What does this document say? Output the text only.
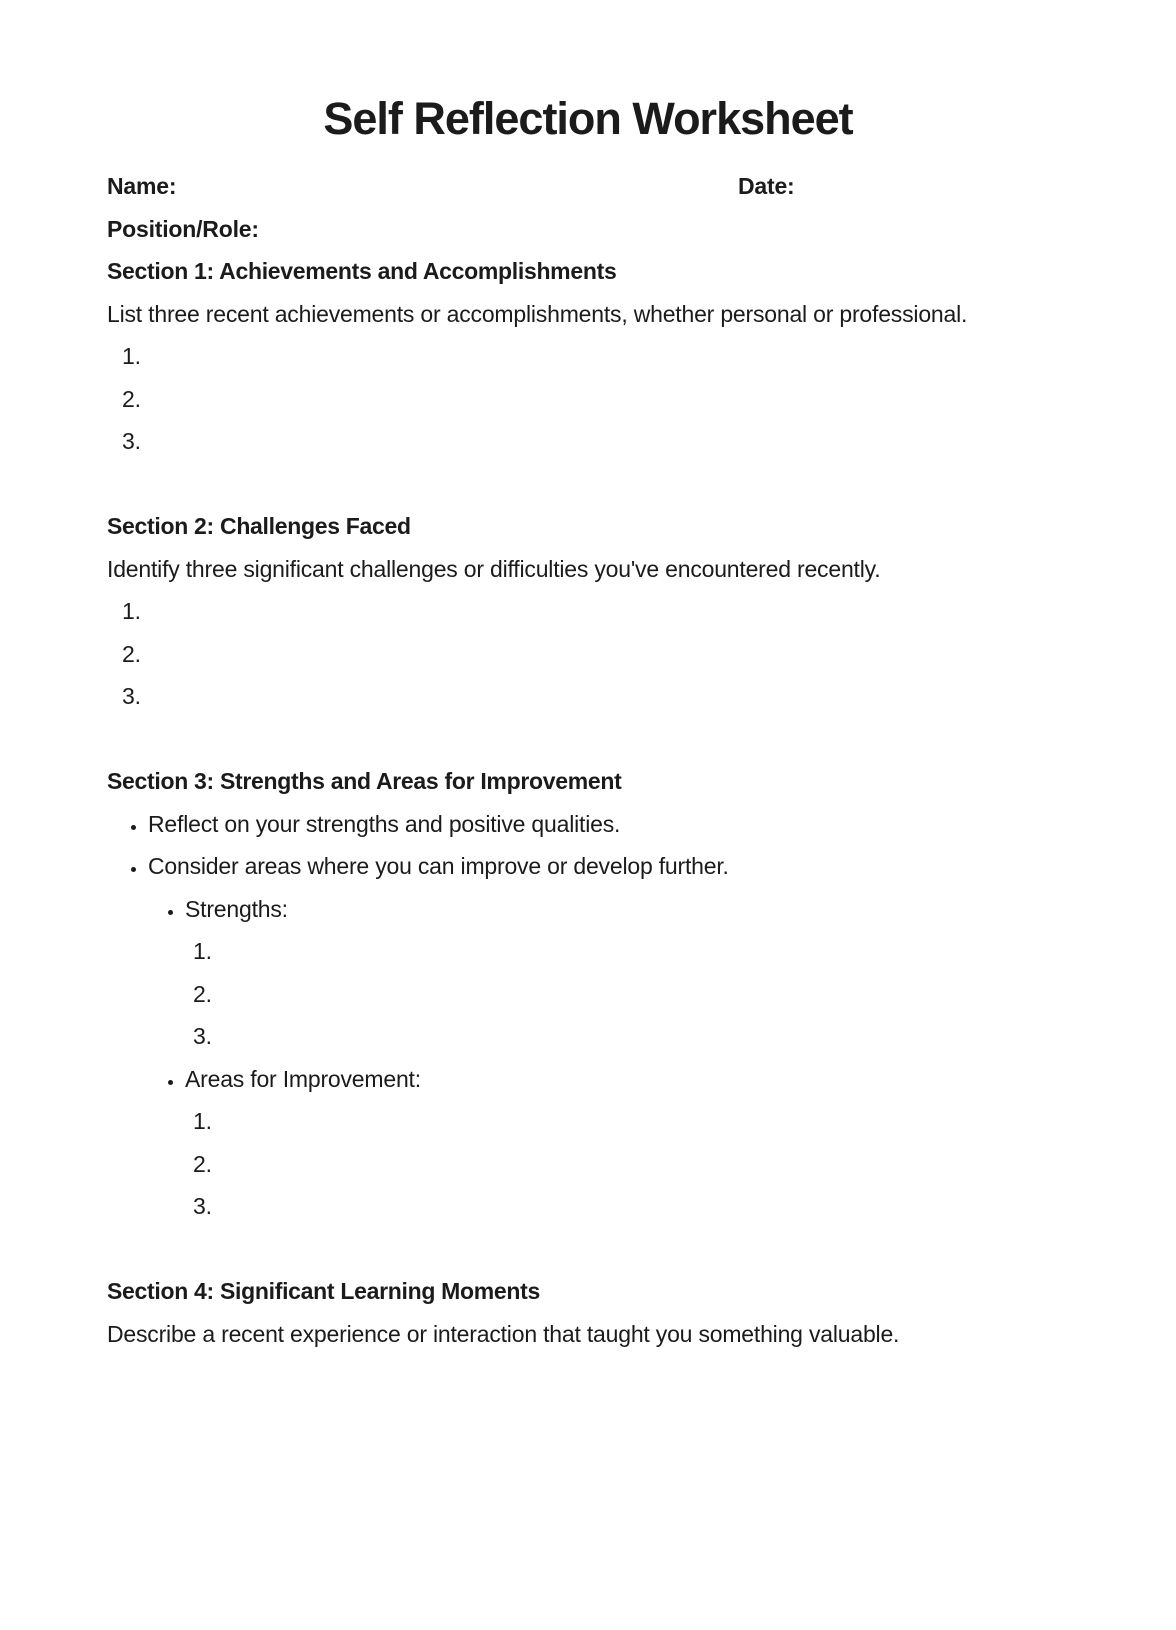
Self Reflection Worksheet

Name:	Date:

Position/Role:

Section 1: Achievements and Accomplishments

List three recent achievements or accomplishments, whether personal or professional.

1.
2.
3.
Section 2: Challenges Faced

Identify three significant challenges or difficulties you've encountered recently.

1.
2.
3.
Section 3: Strengths and Areas for Improvement
• Reflect on your strengths and positive qualities.
• Consider areas where you can improve or develop further.
• Strengths:
1.
2.
3.
• Areas for Improvement:
1.
2.
3.
Section 4: Significant Learning Moments

Describe a recent experience or interaction that taught you something valuable.
